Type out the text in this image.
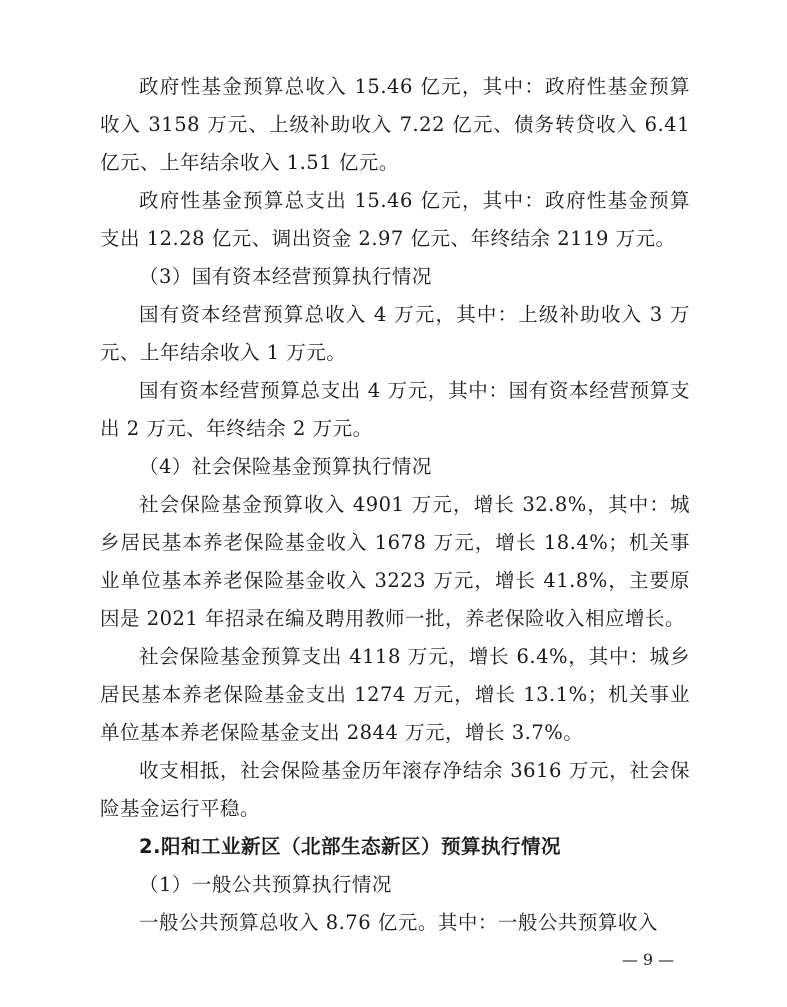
政府性基金预算总收入 15.46 亿元，其中：政府性基金预算收入 3158 万元、上级补助收入 7.22 亿元、债务转贷收入 6.41 亿元、上年结余收入 1.51 亿元。

政府性基金预算总支出 15.46 亿元，其中：政府性基金预算支出 12.28 亿元、调出资金 2.97 亿元、年终结余 2119 万元。

（3）国有资本经营预算执行情况

国有资本经营预算总收入 4 万元，其中：上级补助收入 3 万元、上年结余收入 1 万元。

国有资本经营预算总支出 4 万元，其中：国有资本经营预算支出 2 万元、年终结余 2 万元。

（4）社会保险基金预算执行情况

社会保险基金预算收入 4901 万元，增长 32.8%，其中：城乡居民基本养老保险基金收入 1678 万元，增长 18.4%；机关事业单位基本养老保险基金收入 3223 万元，增长 41.8%，主要原因是 2021 年招录在编及聘用教师一批，养老保险收入相应增长。

社会保险基金预算支出 4118 万元，增长 6.4%，其中：城乡居民基本养老保险基金支出 1274 万元，增长 13.1%；机关事业单位基本养老保险基金支出 2844 万元，增长 3.7%。

收支相抵，社会保险基金历年滚存净结余 3616 万元，社会保险基金运行平稳。

2.阳和工业新区（北部生态新区）预算执行情况

（1）一般公共预算执行情况

一般公共预算总收入 8.76 亿元。其中：一般公共预算收入

— 9 —
